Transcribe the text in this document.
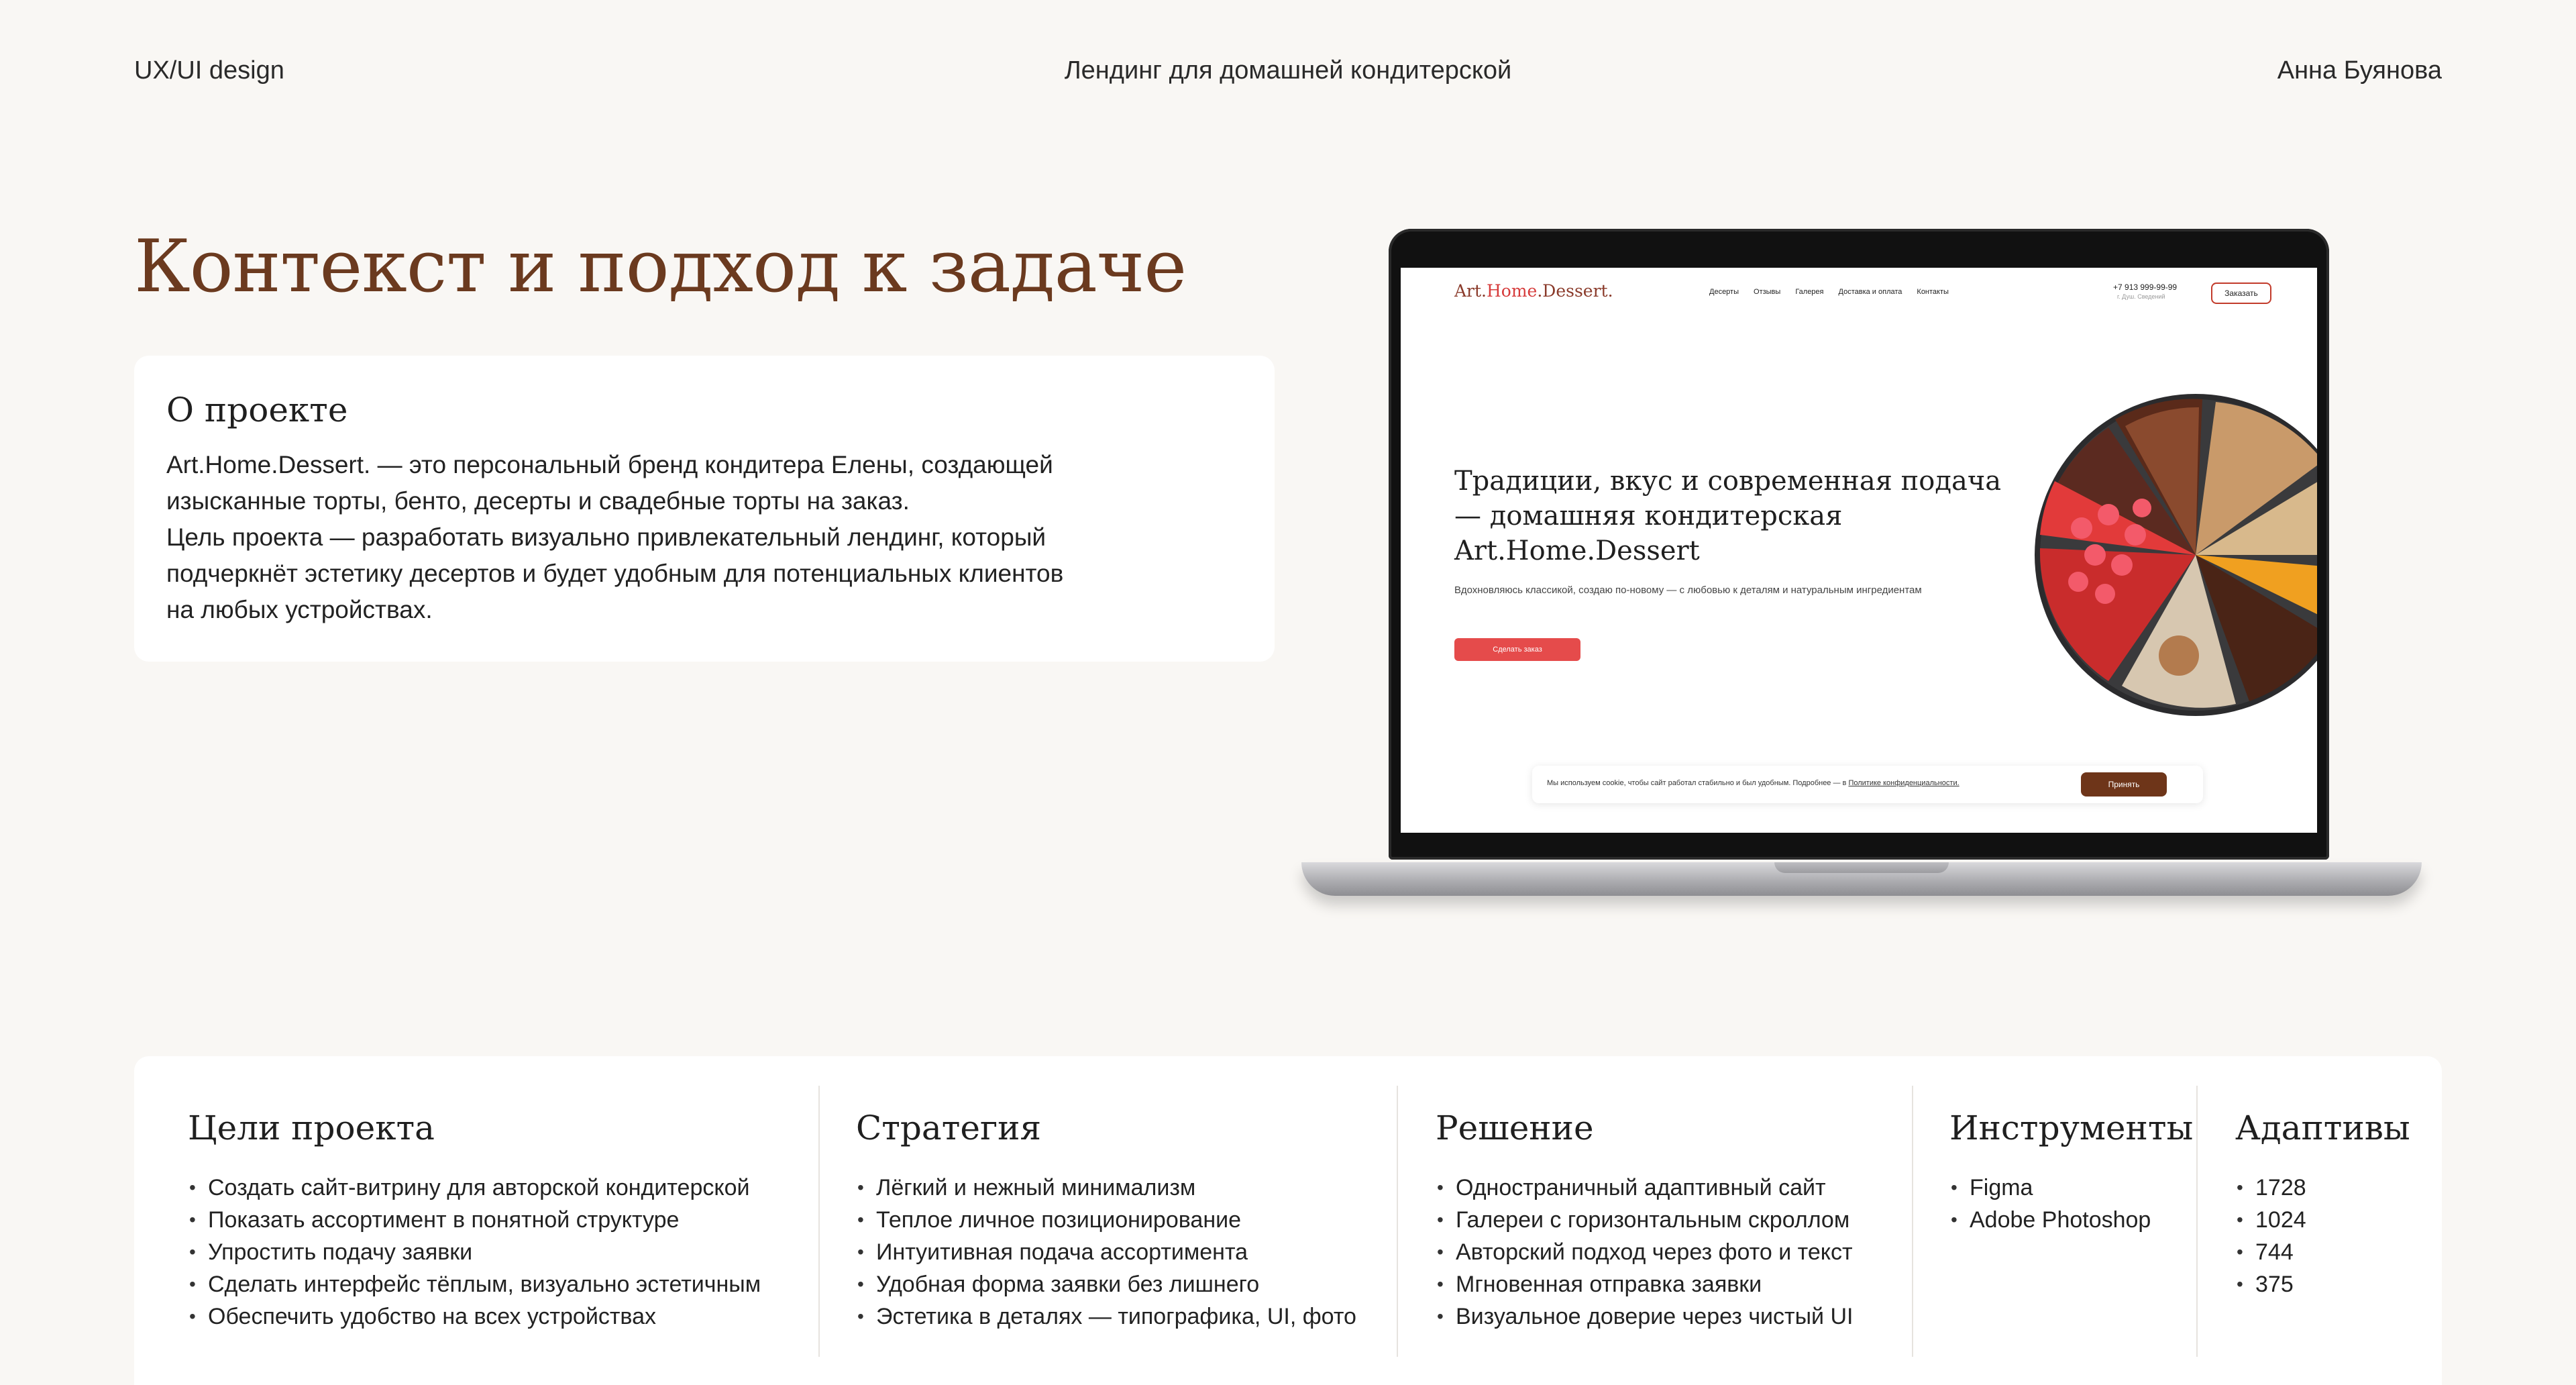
UX/UI design	Лендинг для домашней кондитерской	Анна Буянова
Контекст и подход к задаче
О проекте

Art.Home.Dessert. — это персональный бренд кондитера Елены, создающей
изысканные торты, бенто, десерты и свадебные торты на заказ.
Цель проекта — разработать визуально привлекательный лендинг, который
подчеркнёт эстетику десертов и будет удобным для потенциальных клиентов
на любых устройствах.

Art.Home.Dessert.	Десерты Отзывы Галерея Доставка и оплата Контакты	+7 913 999-99-99
г. Душ. Сведений	Заказать
Традиции, вкус и современная подача — домашняя кондитерская Art.Home.Dessert
Вдохновляюсь классикой, создаю по-новому — с любовью к деталям и натуральным ингредиентам
Сделать заказ
Мы используем cookie, чтобы сайт работал стабильно и был удобным. Подробнее — в Политике конфиденциальности.	Принять
Цели проекта
• Создать сайт-витрину для авторской кондитерской
• Показать ассортимент в понятной структуре
• Упростить подачу заявки
• Сделать интерфейс тёплым, визуально эстетичным
• Обеспечить удобство на всех устройствах
Стратегия
• Лёгкий и нежный минимализм
• Теплое личное позиционирование
• Интуитивная подача ассортимента
• Удобная форма заявки без лишнего
• Эстетика в деталях — типографика, UI, фото
Решение
• Одностраничный адаптивный сайт
• Галереи с горизонтальным скроллом
• Авторский подход через фото и текст
• Мгновенная отправка заявки
• Визуальное доверие через чистый UI
Инструменты
• Figma
• Adobe Photoshop
Адаптивы
• 1728
• 1024
• 744
• 375
